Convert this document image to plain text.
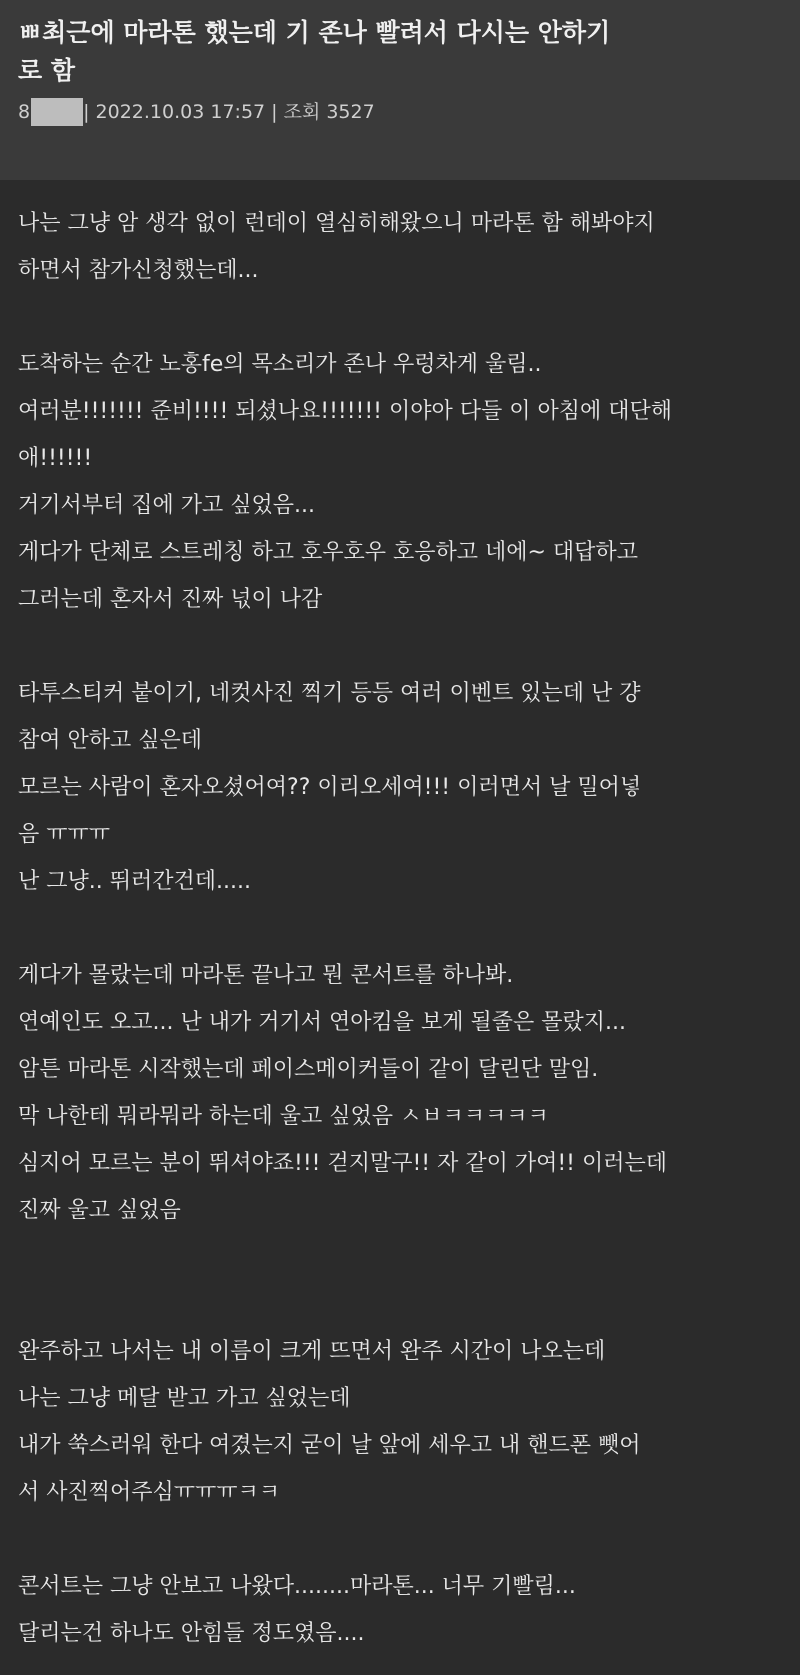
ㅃ최근에 마라톤 했는데 기 존나 빨려서 다시는 안하기
로 함
8	| 2022.10.03 17:57 | 조회 3527
나는 그냥 암 생각 없이 런데이 열심히해왔으니 마라톤 함 해봐야지
하면서 참가신청했는데...
도착하는 순간 노홍fe의 목소리가 존나 우렁차게 울림..
여러분!!!!!!! 준비!!!! 되셨나요!!!!!!! 이야아 다들 이 아침에 대단해
애!!!!!!
거기서부터 집에 가고 싶었음...
게다가 단체로 스트레칭 하고 호우호우 호응하고 네에~ 대답하고
그러는데 혼자서 진짜 넋이 나감
타투스티커 붙이기, 네컷사진 찍기 등등 여러 이벤트 있는데 난 걍
참여 안하고 싶은데
모르는 사람이 혼자오셨어여?? 이리오세여!!! 이러면서 날 밀어넣
음 ㅠㅠㅠ
난 그냥.. 뛰러간건데.....
게다가 몰랐는데 마라톤 끝나고 뭔 콘서트를 하나봐.
연예인도 오고... 난 내가 거기서 연아킴을 보게 될줄은 몰랐지...
암튼 마라톤 시작했는데 페이스메이커들이 같이 달린단 말임.
막 나한테 뭐라뭐라 하는데 울고 싶었음 ㅅㅂㅋㅋㅋㅋㅋ
심지어 모르는 분이 뛰셔야죠!!! 걷지말구!! 자 같이 가여!! 이러는데
진짜 울고 싶었음
완주하고 나서는 내 이름이 크게 뜨면서 완주 시간이 나오는데
나는 그냥 메달 받고 가고 싶었는데
내가 쑥스러워 한다 여겼는지 굳이 날 앞에 세우고 내 핸드폰 뺏어
서 사진찍어주심ㅠㅠㅠㅋㅋ
콘서트는 그냥 안보고 나왔다........마라톤... 너무 기빨림...
달리는건 하나도 안힘들 정도였음....
